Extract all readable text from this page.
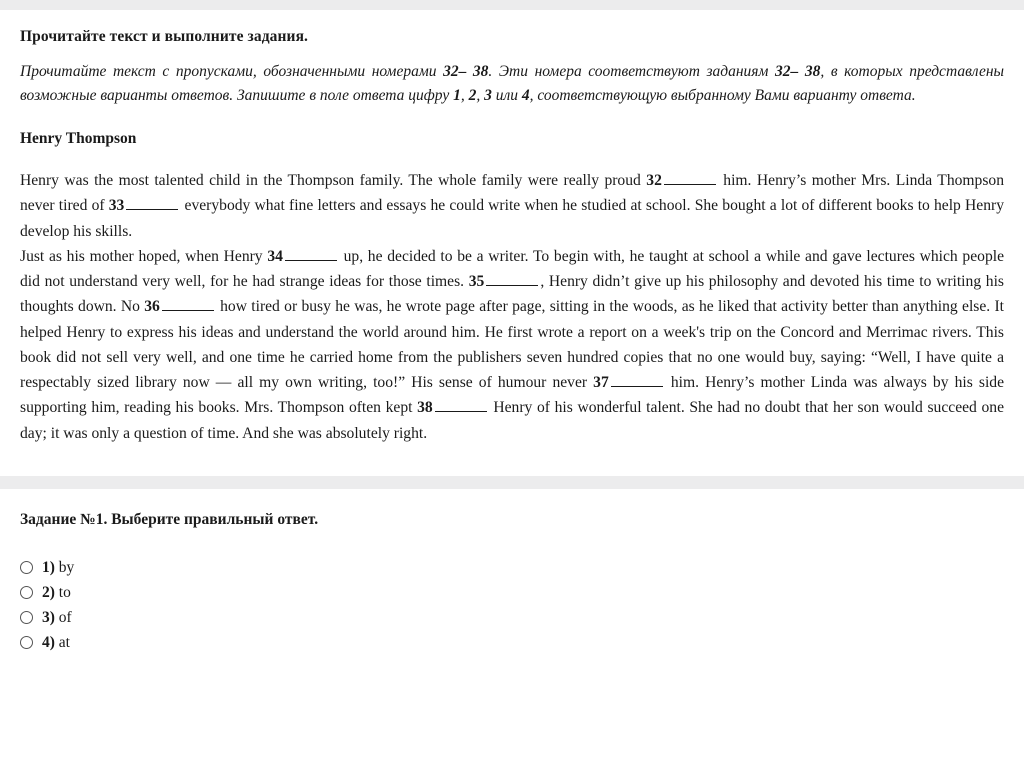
Прочитайте текст и выполните задания.
Прочитайте текст с пропусками, обозначенными номерами 32– 38. Эти номера соответствуют заданиям 32– 38, в которых представлены возможные варианты ответов. Запишите в поле ответа цифру 1, 2, 3 или 4, соответствующую выбранному Вами варианту ответа.
Henry Thompson

Henry was the most talented child in the Thompson family. The whole family were really proud 32	him. Henry’s mother Mrs. Linda Thompson never tired of 33	everybody what fine letters and essays he could write when he studied at school. She bought a lot of different books to help Henry develop his skills.

Just as his mother hoped, when Henry 34	up, he decided to be a writer. To begin with, he taught at school a while and gave lectures which people did not understand very well, for he had strange ideas for those times. 35	, Henry didn’t give up his philosophy and devoted his time to writing his thoughts down. No 36	how tired or busy he was, he wrote page after page, sitting in the woods, as he liked that activity better than anything else. It helped Henry to express his ideas and understand the world around him. He first wrote a report on a week's trip on the Concord and Merrimac rivers. This book did not sell very well, and one time he carried home from the publishers seven hundred copies that no one would buy, saying: “Well, I have quite a respectably sized library now — all my own writing, too!” His sense of humour never 37	him. Henry’s mother Linda was always by his side supporting him, reading his books. Mrs. Thompson often kept 38	Henry of his wonderful talent. She had no doubt that her son would succeed one day; it was only a question of time. And she was absolutely right.

Задание №1. Выберите правильный ответ.
1) by
2) to
3) of
4) at
